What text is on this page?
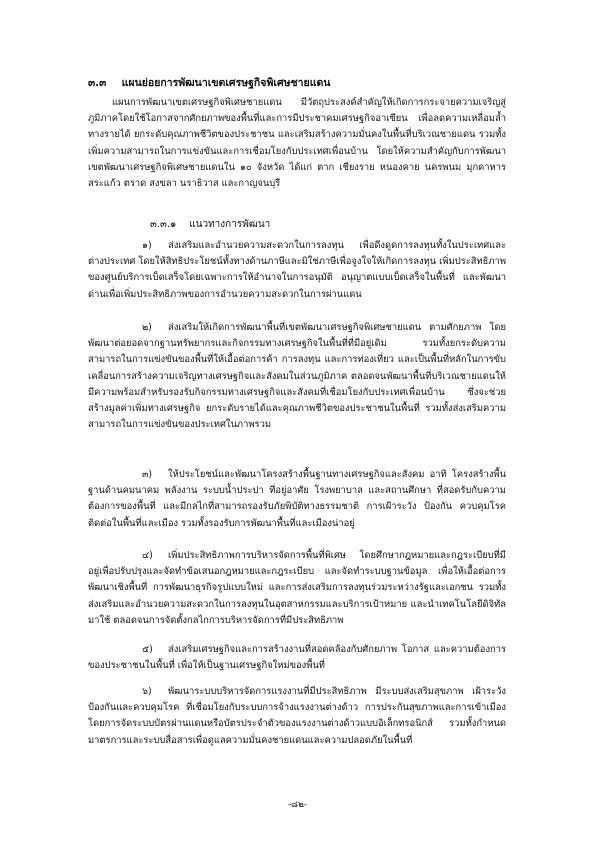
๓.๓ แผนย่อยการพัฒนาเขตเศรษฐกิจพิเศษชายแดน

แผนการพัฒนาเขตเศรษฐกิจพิเศษชายแดน มีวัตถุประสงค์สำคัญให้เกิดการกระจายความเจริญสู่ภูมิภาคโดยใช้โอกาสจากศักยภาพของพื้นที่และการมีประชาคมเศรษฐกิจอาเซียน เพื่อลดความเหลื่อมล้ำทางรายได้ ยกระดับคุณภาพชีวิตของประชาชน และเสริมสร้างความมั่นคงในพื้นที่บริเวณชายแดน รวมทั้งเพิ่มความสามารถในการแข่งขันและการเชื่อมโยงกับประเทศเพื่อนบ้าน โดยให้ความสำคัญกับการพัฒนาเขตพัฒนาเศรษฐกิจพิเศษชายแดนใน ๑๐ จังหวัด ได้แก่ ตาก เชียงราย หนองคาย นครพนม มุกดาหาร สระแก้ว ตราด สงขลา นราธิวาส และกาญจนบุรี

๓.๓.๑ แนวทางการพัฒนา

๑) ส่งเสริมและอำนวยความสะดวกในการลงทุน เพื่อดึงดูดการลงทุนทั้งในประเทศและต่างประเทศ โดยให้สิทธิประโยชน์ทั้งทางด้านภาษีและมิใช่ภาษีเพื่อจูงใจให้เกิดการลงทุน เพิ่มประสิทธิภาพของศูนย์บริการเบ็ดเสร็จโดยเฉพาะการให้อำนาจในการอนุมัติ อนุญาตแบบเบ็ดเสร็จในพื้นที่ และพัฒนาด่านเพื่อเพิ่มประสิทธิภาพของการอำนวยความสะดวกในการผ่านแดน

๒) ส่งเสริมให้เกิดการพัฒนาพื้นที่เขตพัฒนาเศรษฐกิจพิเศษชายแดน ตามศักยภาพ โดยพัฒนาต่อยอดจากฐานทรัพยากรและกิจกรรมทางเศรษฐกิจในพื้นที่ที่มีอยู่เดิม รวมทั้งยกระดับความสามารถในการแข่งขันของพื้นที่ให้เอื้อต่อการค้า การลงทุน และการท่องเที่ยว และเป็นพื้นที่หลักในการขับเคลื่อนการสร้างความเจริญทางเศรษฐกิจและสังคมในส่วนภูมิภาค ตลอดจนพัฒนาพื้นที่บริเวณชายแดนให้มีความพร้อมสำหรับรองรับกิจกรรมทางเศรษฐกิจและสังคมที่เชื่อมโยงกับประเทศเพื่อนบ้าน ซึ่งจะช่วยสร้างมูลค่าเพิ่มทางเศรษฐกิจ ยกระดับรายได้และคุณภาพชีวิตของประชาชนในพื้นที่ รวมทั้งส่งเสริมความสามารถในการแข่งขันของประเทศในภาพรวม

๓) ให้ประโยชน์และพัฒนาโครงสร้างพื้นฐานทางเศรษฐกิจและสังคม อาทิ โครงสร้างพื้นฐานด้านคมนาคม พลังงาน ระบบน้ำประปา ที่อยู่อาศัย โรงพยาบาล และสถานศึกษา ที่สอดรับกับความต้องการของพื้นที่ และมีกลไกที่สามารถรองรับภัยพิบัติทางธรรมชาติ การเฝ้าระวัง ป้องกัน ควบคุมโรคติดต่อในพื้นที่และเมือง รวมทั้งรองรับการพัฒนาพื้นที่และเมืองน่าอยู่

๔) เพิ่มประสิทธิภาพการบริหารจัดการพื้นที่พิเศษ โดยศึกษากฎหมายและกฎระเบียบที่มีอยู่เพื่อปรับปรุงและจัดทำข้อเสนอกฎหมายและกฎระเบียบ และจัดทำระบบฐานข้อมูล เพื่อให้เอื้อต่อการพัฒนาเชิงพื้นที่ การพัฒนาธุรกิจรูปแบบใหม่ และการส่งเสริมการลงทุนร่วมระหว่างรัฐและเอกชน รวมทั้งส่งเสริมและอำนวยความสะดวกในการลงทุนในอุตสาหกรรมและบริการเป้าหมาย และนำเทคโนโลยีดิจิทัลมาใช้ ตลอดจนการจัดตั้งกลไกการบริหารจัดการที่มีประสิทธิภาพ

๕) ส่งเสริมเศรษฐกิจและการสร้างงานที่สอดคล้องกับศักยภาพ โอกาส และความต้องการของประชาชนในพื้นที่ เพื่อให้เป็นฐานเศรษฐกิจใหม่ของพื้นที่

๖) พัฒนาระบบบริหารจัดการแรงงานที่มีประสิทธิภาพ มีระบบส่งเสริมสุขภาพ เฝ้าระวัง ป้องกันและควบคุมโรค ที่เชื่อมโยงกับระบบการจ้างแรงงานต่างด้าว การประกันสุขภาพและการเข้าเมือง โดยการจัดระบบบัตรผ่านแดนหรือบัตรประจำตัวของแรงงานต่างด้าวแบบอิเล็กทรอนิกส์ รวมทั้งกำหนดมาตรการและระบบสื่อสารเพื่อดูแลความมั่นคงชายแดนและความปลอดภัยในพื้นที่

-๘๒-
